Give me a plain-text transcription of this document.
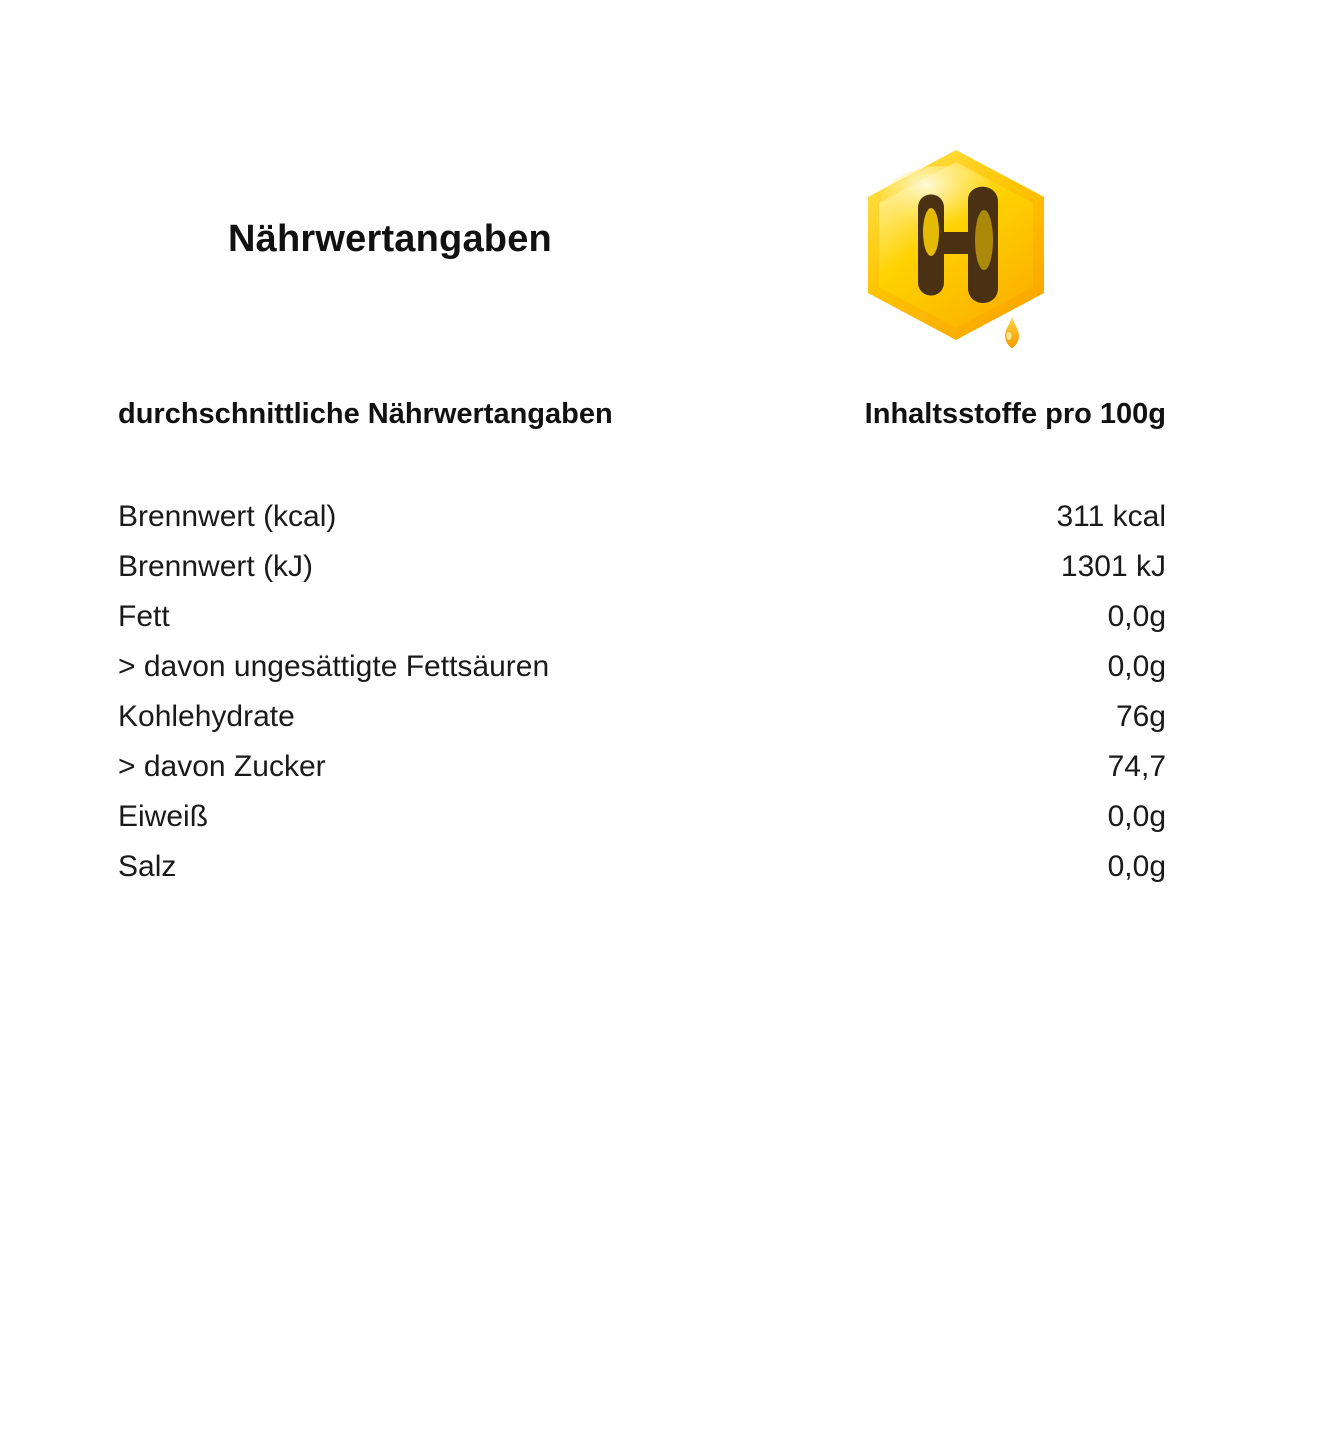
Nährwertangaben
durchschnittliche Nährwertangaben	Inhaltsstoffe pro 100g
Brennwert (kcal)	311 kcal
Brennwert (kJ)	1301 kJ
Fett	0,0g
> davon ungesättigte Fettsäuren	0,0g
Kohlehydrate	76g
> davon Zucker	74,7
Eiweiß	0,0g
Salz	0,0g
